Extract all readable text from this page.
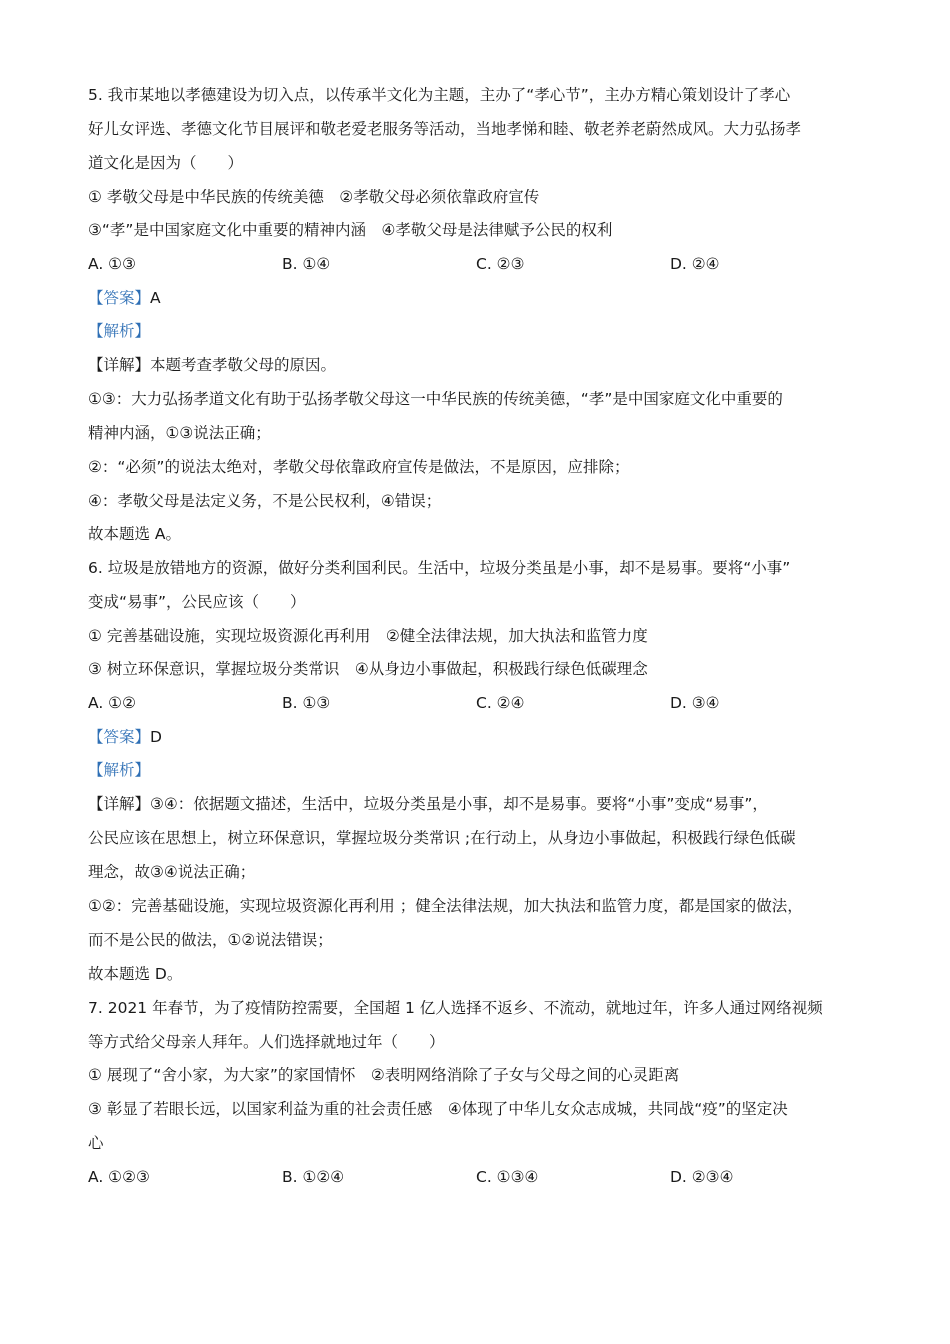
5. 我市某地以孝德建设为切入点，以传承半文化为主题，主办了“孝心节”，主办方精心策划设计了孝心
好儿女评选、孝德文化节目展评和敬老爱老服务等活动，当地孝悌和睦、敬老养老蔚然成风。大力弘扬孝
道文化是因为（　　）
① 孝敬父母是中华民族的传统美德　②孝敬父母必须依靠政府宣传
③“孝”是中国家庭文化中重要的精神内涵　④孝敬父母是法律赋予公民的权利
A. ①③	B. ①④	C. ②③	D. ②④
【答案】 A
【解析】
【详解】本题考查孝敬父母的原因。
①③：大力弘扬孝道文化有助于弘扬孝敬父母这一中华民族的传统美德，“孝”是中国家庭文化中重要的
精神内涵，①③说法正确；
②：“必须”的说法太绝对，孝敬父母依靠政府宣传是做法，不是原因，应排除；
④：孝敬父母是法定义务，不是公民权利，④错误；
故本题选 A。
6. 垃圾是放错地方的资源，做好分类利国利民。生活中，垃圾分类虽是小事，却不是易事。要将“小事”
变成“易事”，公民应该（　　）
① 完善基础设施，实现垃圾资源化再利用　②健全法律法规，加大执法和监管力度
③ 树立环保意识，掌握垃圾分类常识　④从身边小事做起，积极践行绿色低碳理念
A. ①②	B. ①③	C. ②④	D. ③④
【答案】 D
【解析】
【详解】③④：依据题文描述，生活中，垃圾分类虽是小事，却不是易事。要将“小事”变成“易事”，
公民应该在思想上，树立环保意识，掌握垃圾分类常识 ;在行动上，从身边小事做起，积极践行绿色低碳
理念，故③④说法正确；
①②：完善基础设施，实现垃圾资源化再利用 ；健全法律法规，加大执法和监管力度，都是国家的做法，
而不是公民的做法，①②说法错误；
故本题选 D。
7. 2021 年春节，为了疫情防控需要，全国超 1 亿人选择不返乡、不流动，就地过年，许多人通过网络视频
等方式给父母亲人拜年。人们选择就地过年（　　）
① 展现了“舍小家，为大家”的家国情怀　②表明网络消除了子女与父母之间的心灵距离
③ 彰显了若眼长远，以国家利益为重的社会责任感　④体现了中华儿女众志成城，共同战“疫”的坚定决
心
A. ①②③	B. ①②④	C. ①③④	D. ②③④
